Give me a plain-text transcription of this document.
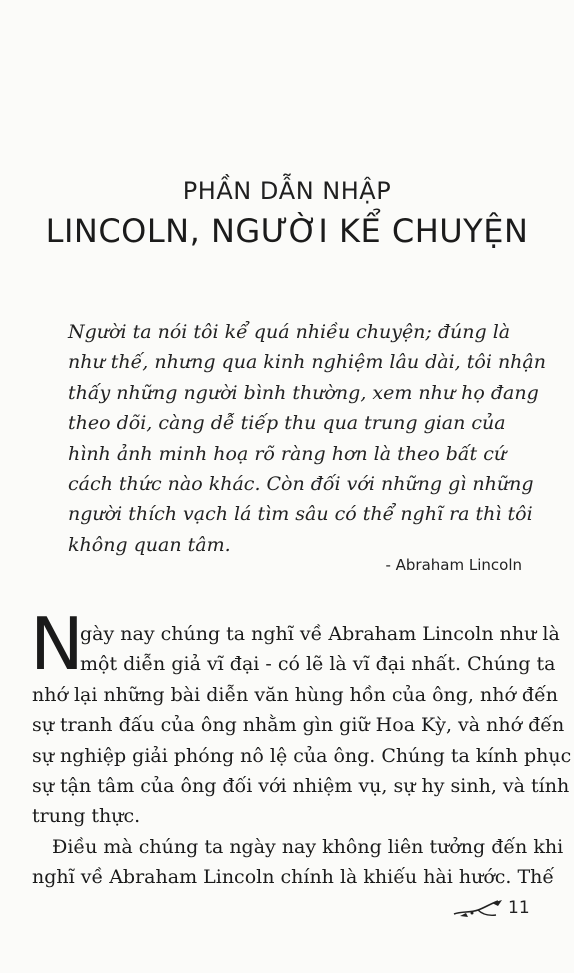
PHẦN DẪN NHẬP
LINCOLN, NGƯỜI KỂ CHUYỆN
Người ta nói tôi kể quá nhiều chuyện; đúng là
như thế, nhưng qua kinh nghiệm lâu dài, tôi nhận
thấy những người bình thường, xem như họ đang
theo dõi, càng dễ tiếp thu qua trung gian của
hình ảnh minh hoạ rõ ràng hơn là theo bất cứ
cách thức nào khác. Còn đối với những gì những
người thích vạch lá tìm sâu có thể nghĩ ra thì tôi
không quan tâm.
- Abraham Lincoln
N
gày nay chúng ta nghĩ về Abraham Lincoln như là
một diễn giả vĩ đại - có lẽ là vĩ đại nhất. Chúng ta
nhớ lại những bài diễn văn hùng hồn của ông, nhớ đến
sự tranh đấu của ông nhằm gìn giữ Hoa Kỳ, và nhớ đến
sự nghiệp giải phóng nô lệ của ông. Chúng ta kính phục
sự tận tâm của ông đối với nhiệm vụ, sự hy sinh, và tính
trung thực.
Điều mà chúng ta ngày nay không liên tưởng đến khi
nghĩ về Abraham Lincoln chính là khiếu hài hước. Thế
11
